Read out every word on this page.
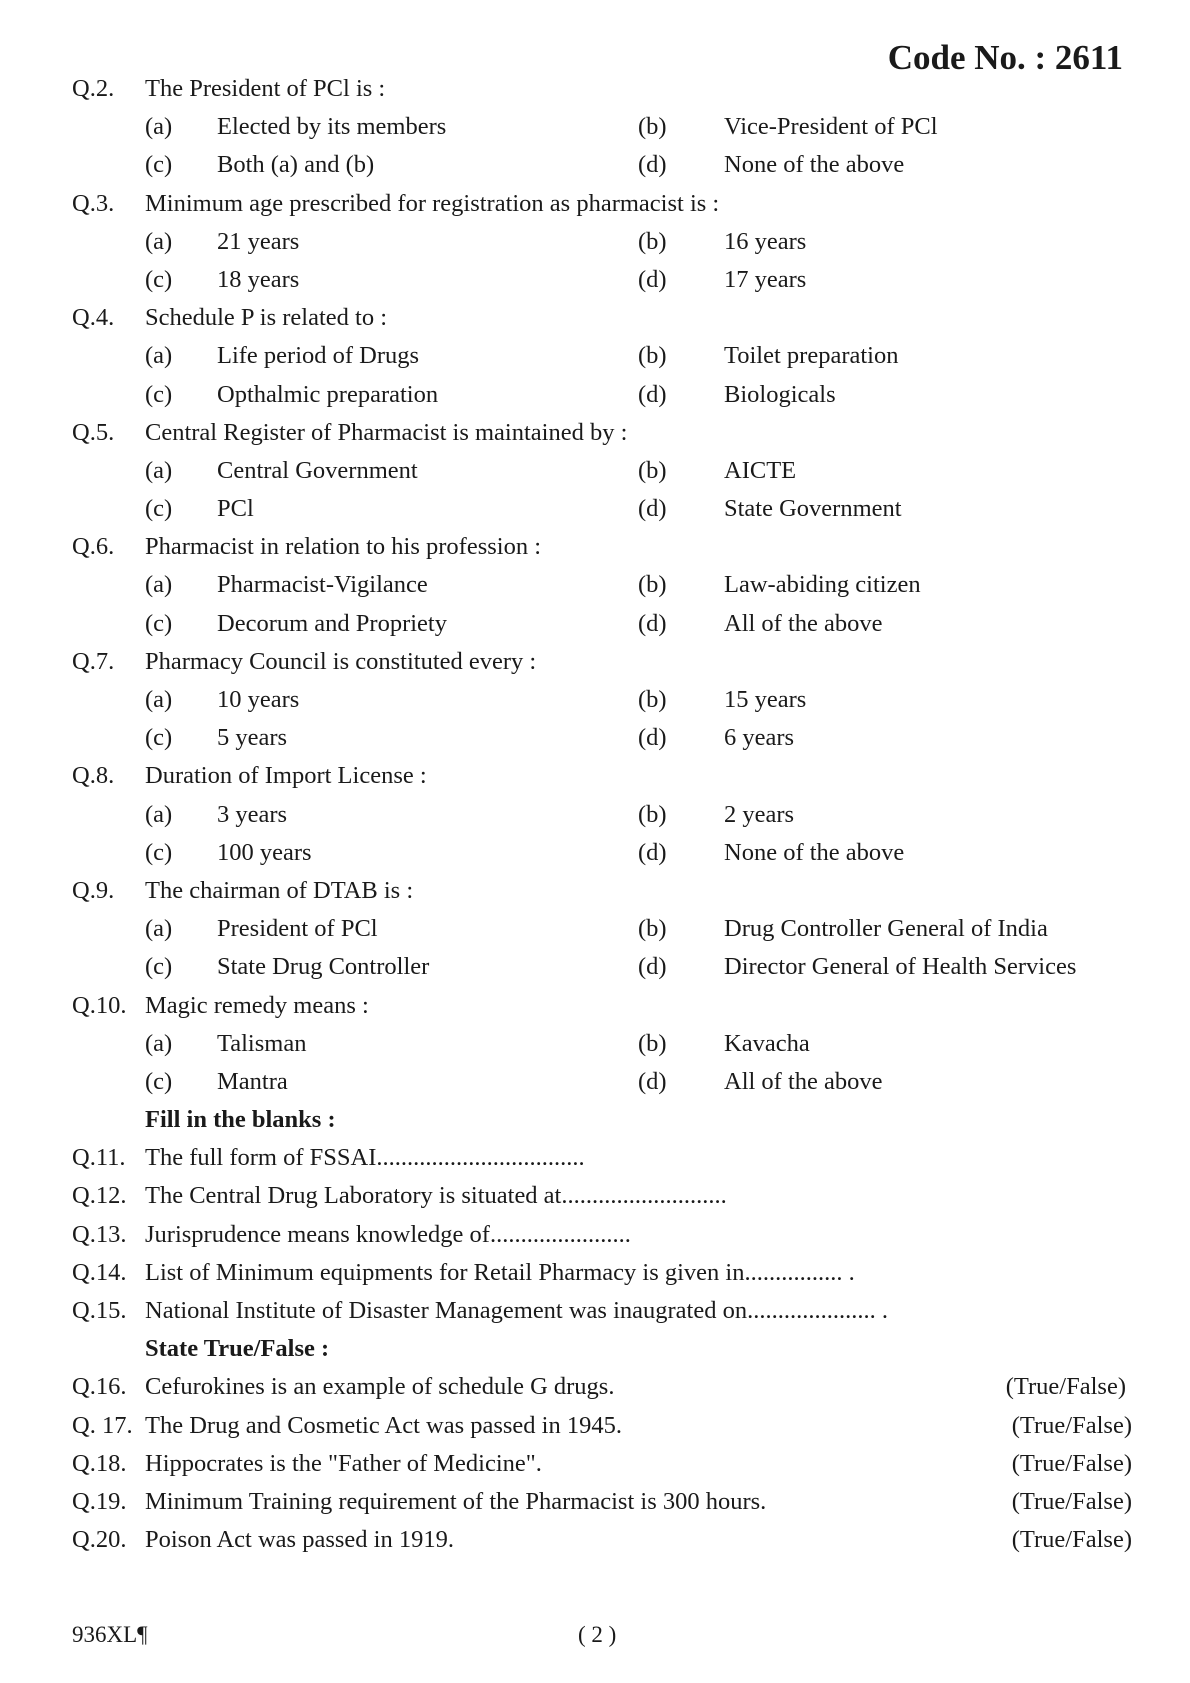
Code No. : 2611
Q.2. The President of PCl is :
(a) Elected by its members	(b) Vice-President of PCl
(c) Both (a) and (b)	(d) None of the above
Q.3. Minimum age prescribed for registration as pharmacist is :
(a) 21 years	(b) 16 years
(c) 18 years	(d) 17 years
Q.4. Schedule P is related to :
(a) Life period of Drugs	(b) Toilet preparation
(c) Opthalmic preparation	(d) Biologicals
Q.5. Central Register of Pharmacist is maintained by :
(a) Central Government	(b) AICTE
(c) PCl	(d) State Government
Q.6. Pharmacist in relation to his profession :
(a) Pharmacist-Vigilance	(b) Law-abiding citizen
(c) Decorum and Propriety	(d) All of the above
Q.7. Pharmacy Council is constituted every :
(a) 10 years	(b) 15 years
(c) 5 years	(d) 6 years
Q.8. Duration of Import License :
(a) 3 years	(b) 2 years
(c) 100 years	(d) None of the above
Q.9. The chairman of DTAB is :
(a) President of PCl	(b) Drug Controller General of India
(c) State Drug Controller	(d) Director General of Health Services
Q.10. Magic remedy means :
(a) Talisman	(b) Kavacha
(c) Mantra	(d) All of the above
Fill in the blanks :
Q.11. The full form of FSSAI..................................
Q.12. The Central Drug Laboratory is situated at...........................
Q.13. Jurisprudence means knowledge of.......................
Q.14. List of Minimum equipments for Retail Pharmacy is given in................ .
Q.15. National Institute of Disaster Management was inaugrated on..................... .
State True/False :
Q.16. Cefurokines is an example of schedule G drugs.	(True/False)
Q. 17. The Drug and Cosmetic Act was passed in 1945.	(True/False)
Q.18. Hippocrates is the "Father of Medicine".	(True/False)
Q.19. Minimum Training requirement of the Pharmacist is 300 hours.	(True/False)
Q.20. Poison Act was passed in 1919.	(True/False)
936XL¶	( 2 )
